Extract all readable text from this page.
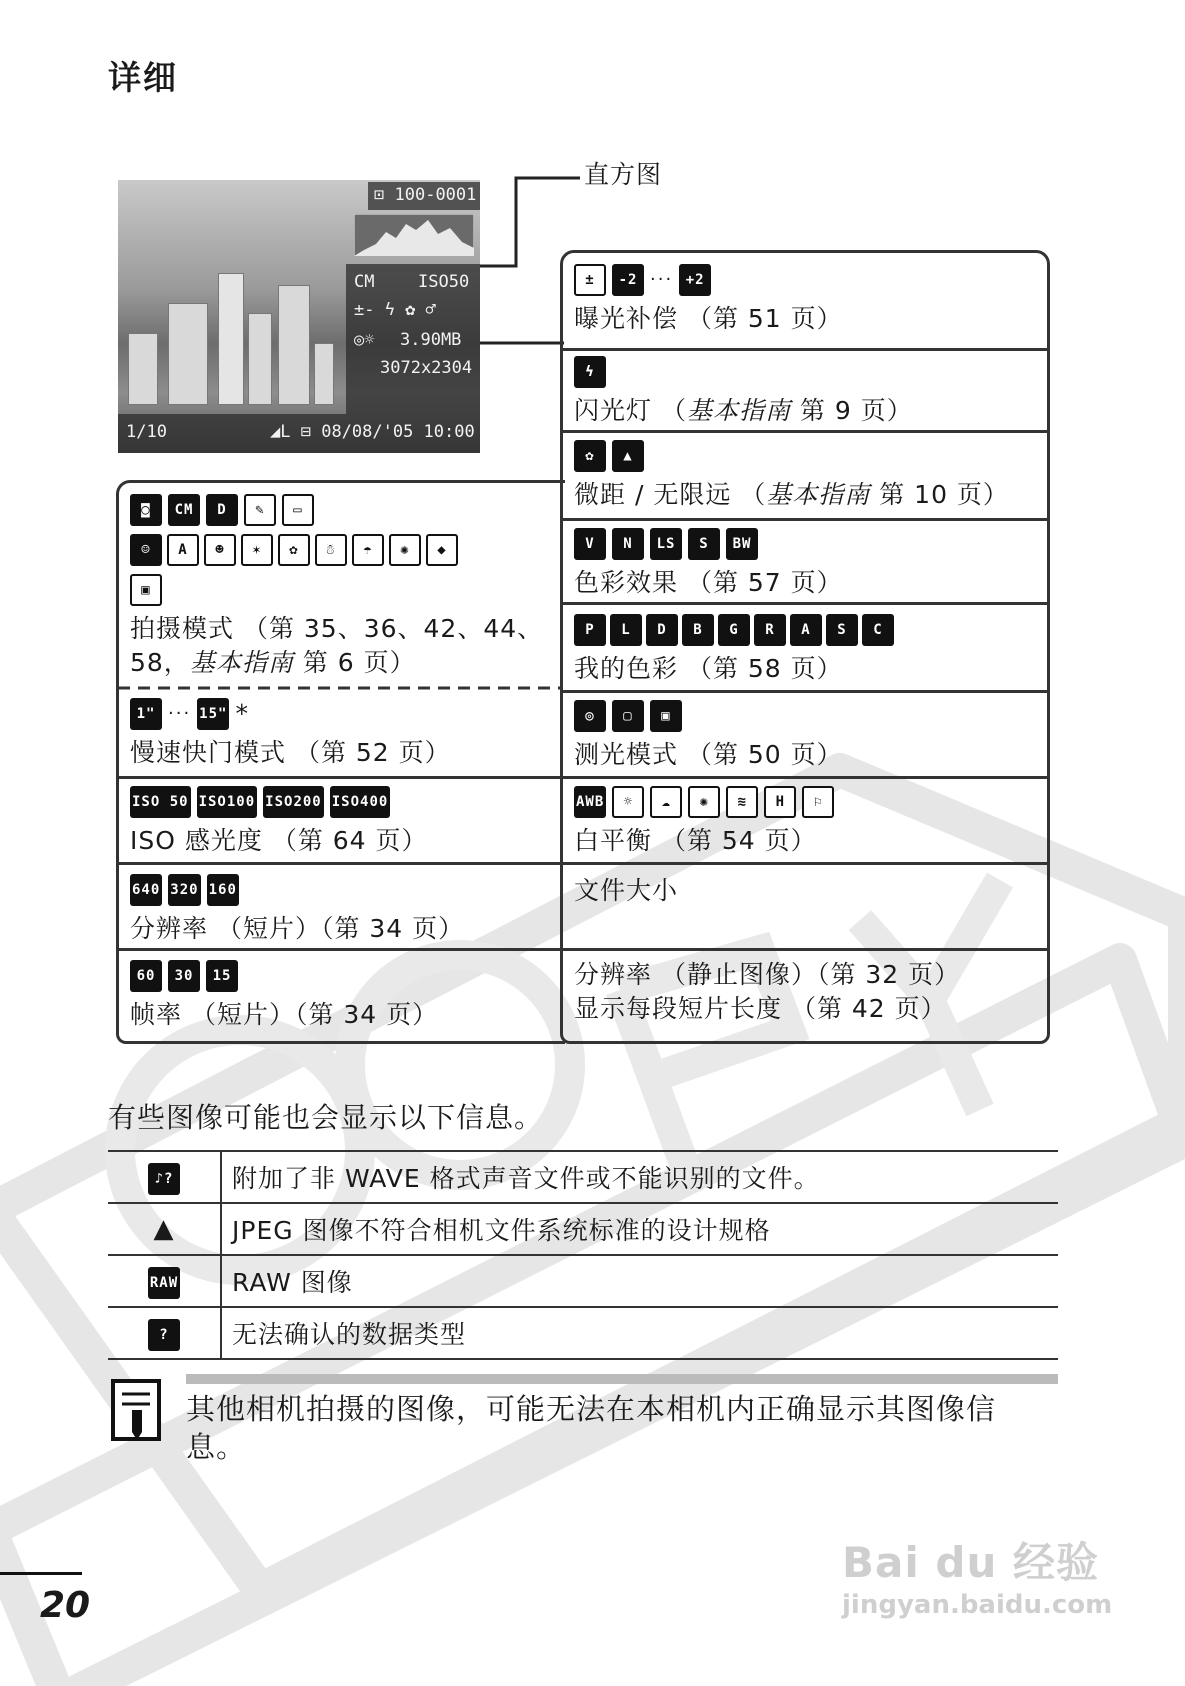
详细
⊡ 100-0001
CM	ISO50
±- ϟ ✿ ♂
◎☼ 3.90MB
3072x2304
1/10	◢L ⊟ 08/08/'05 10:00
直方图
±	-2 ··· +2
曝光补偿 （第 51 页）
ϟ
闪光灯 （基本指南 第 9 页）
✿	▲
微距 / 无限远 （基本指南 第 10 页）
V	N	LS	S	BW
色彩效果 （第 57 页）
P	L	D	B	G	R	A	S	C
我的色彩 （第 58 页）
◎	▢	▣
测光模式 （第 50 页）
AWB	☼	☁	✺	≋	H	⚐
白平衡 （第 54 页）
文件大小
分辨率 （静止图像）（第 32 页）
显示每段短片长度 （第 42 页）
◙	CM	D	✎	▭
☺	A	☻	✶	✿	☃	☂	✺	◆
▣
拍摄模式 （第 35、36、42、44、
58，基本指南 第 6 页）
1" ··· 15" *
慢速快门模式 （第 52 页）
ISO 50 ISO100 ISO200 ISO400
ISO 感光度 （第 64 页）
640 320 160
分辨率 （短片）（第 34 页）
60	30	15
帧率 （短片）（第 34 页）
有些图像可能也会显示以下信息。
♪?	附加了非 WAVE 格式声音文件或不能识别的文件。
▲	JPEG 图像不符合相机文件系统标准的设计规格
RAW	RAW 图像
?	无法确认的数据类型
其他相机拍摄的图像，可能无法在本相机内正确显示其图像信
息。
Bai du 经验
jingyan.baidu.com
20
